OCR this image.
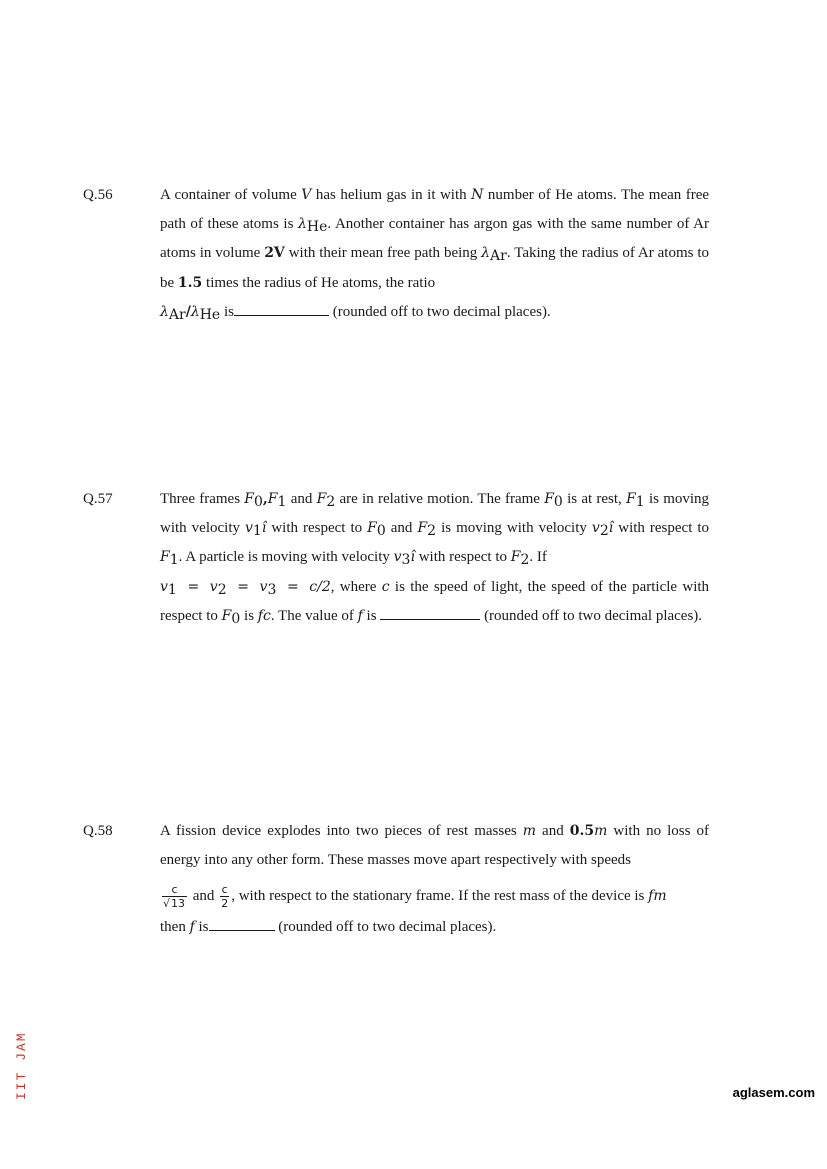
Q.56	A container of volume V has helium gas in it with N number of He atoms. The mean free path of these atoms is $\lambda_{He}$. Another container has argon gas with the same number of Ar atoms in volume 2V with their mean free path being $\lambda_{Ar}$. Taking the radius of Ar atoms to be 1.5 times the radius of He atoms, the ratio
$\lambda_{Ar}/\lambda_{He}$ is	(rounded off to two decimal places).
Q.57	Three frames $F_0,F_1$ and $F_2$ are in relative motion. The frame $F_0$ is at rest, $F_1$ is moving with velocity $v_1î$ with respect to $F_0$ and $F_2$ is moving with velocity $v_2î$ with respect to $F_1$. A particle is moving with velocity $v_3î$ with respect to $F_2$. If
$v_1 = v_2 = v_3 = c/2$, where c is the speed of light, the speed of the particle with respect to $F_0$ is fc. The value of f is	(rounded off to two decimal places).
Q.58	A fission device explodes into two pieces of rest masses m and 0.5m with no loss of energy into any other form. These masses move apart respectively with speeds
$\frac{c}{√13}$ and $\frac{c}{2}$ , with respect to the stationary frame. If the rest mass of the device is fm
then f is	(rounded off to two decimal places).
IIT JAM	aglasem.com
